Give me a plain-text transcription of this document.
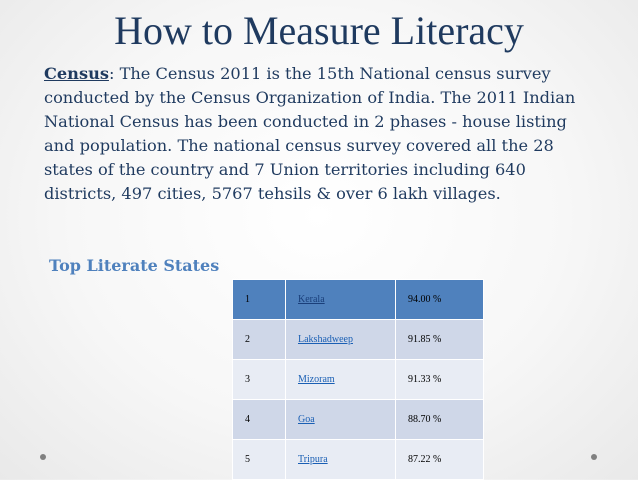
How to Measure Literacy
Census: The Census 2011 is the 15th National census survey conducted by the Census Organization of India. The 2011 Indian National Census has been conducted in 2 phases - house listing and population. The national census survey covered all the 28 states of the country and 7 Union territories including 640 districts, 497 cities, 5767 tehsils & over 6 lakh villages.
Top Literate States
1	Kerala	94.00 %
2	Lakshadweep	91.85 %
3	Mizoram	91.33 %
4	Goa	88.70 %
5	Tripura	87.22 %
